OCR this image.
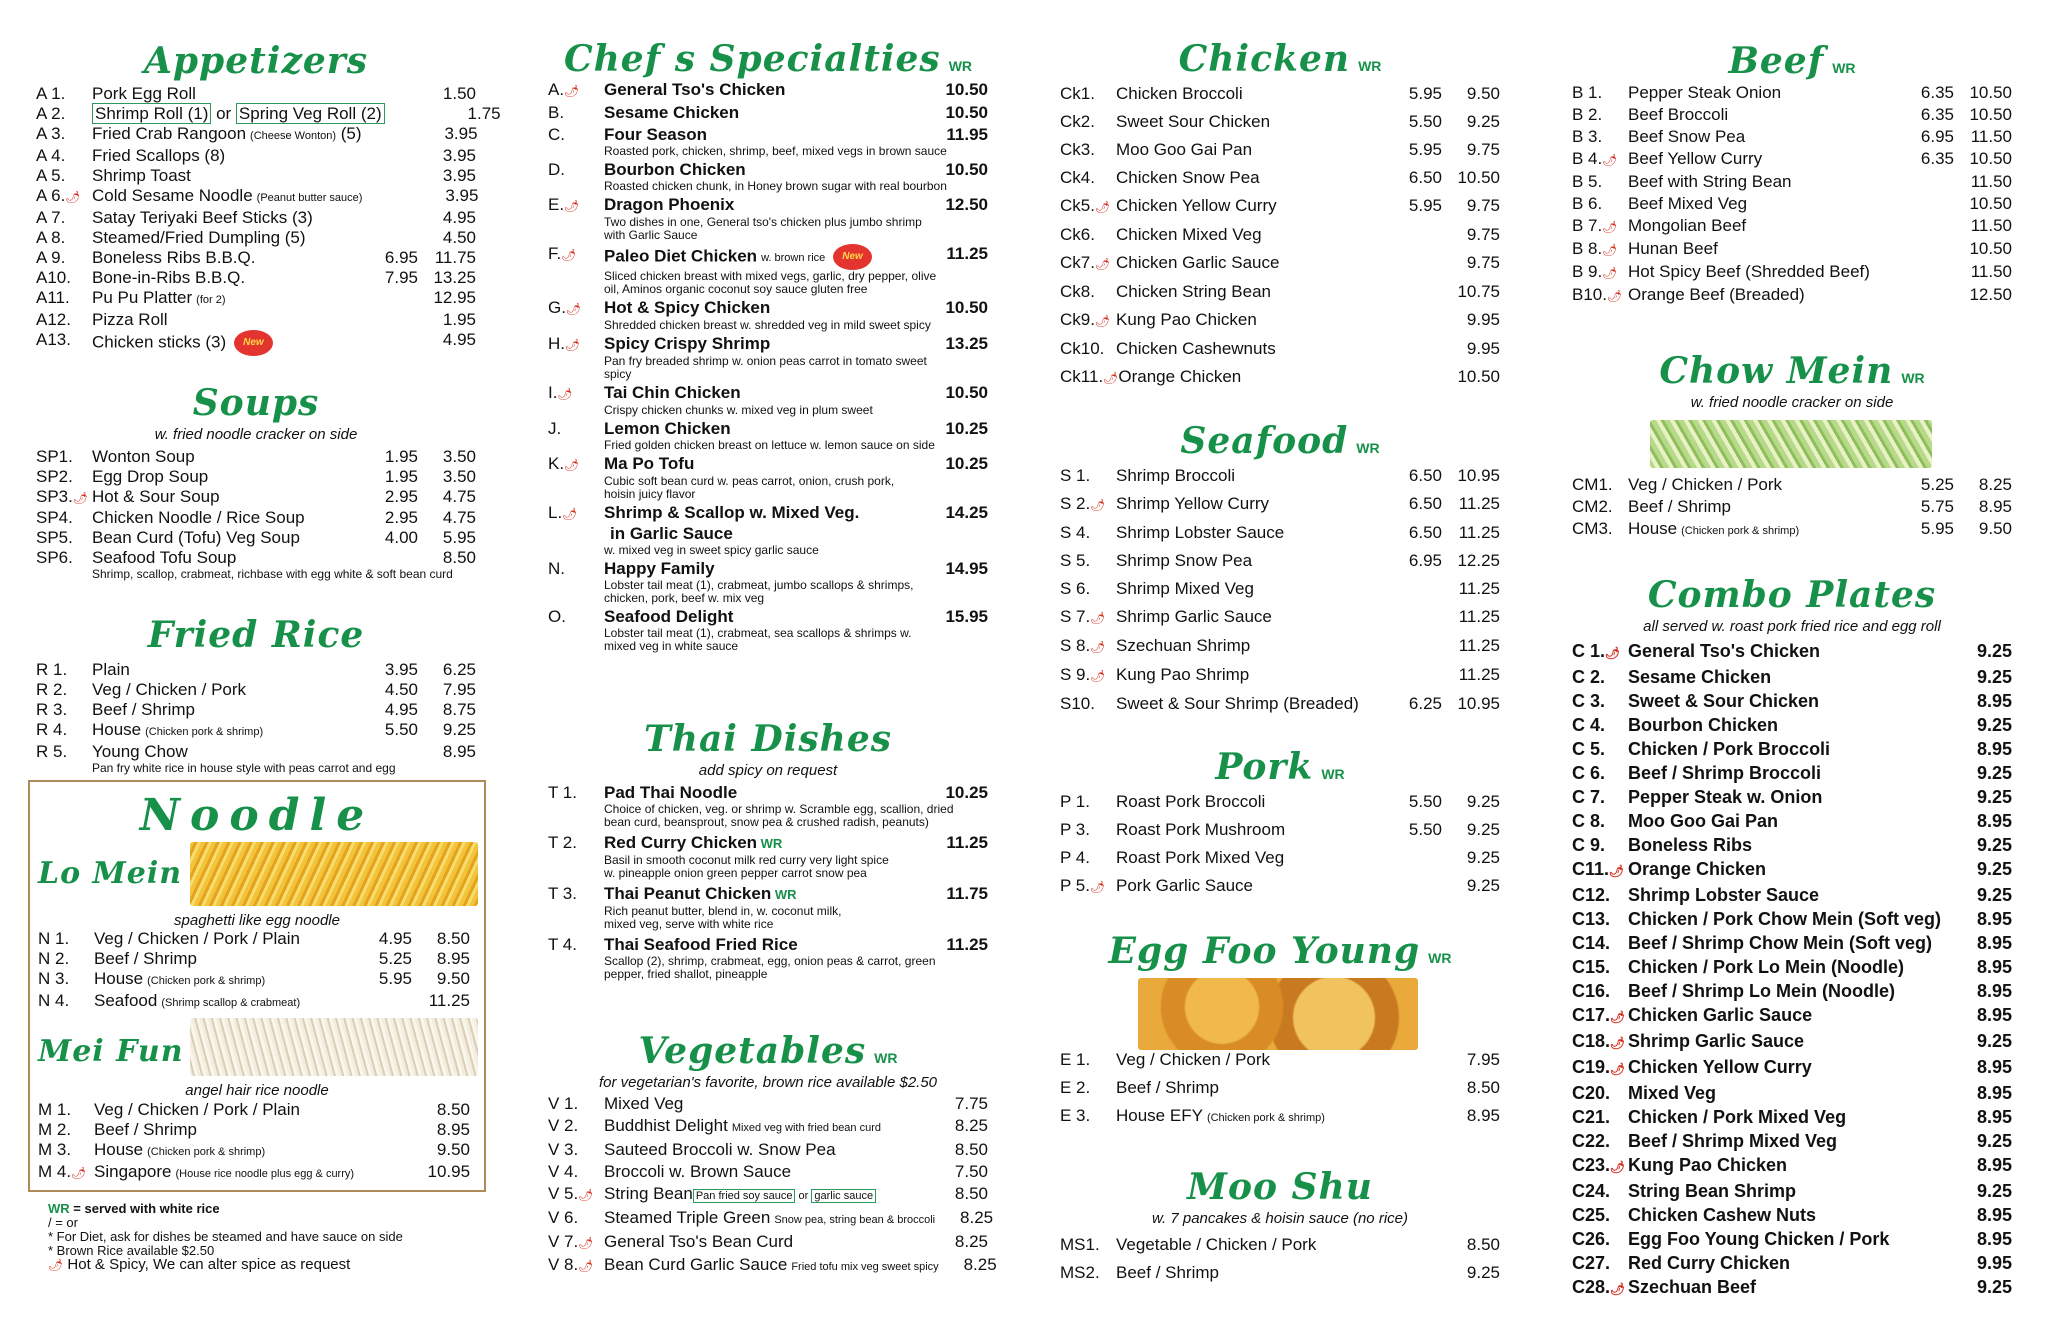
Appetizers
A 1.	Pork Egg Roll	1.50
A 2.	Shrimp Roll (1) or Spring Veg Roll (2)	1.75
A 3.	Fried Crab Rangoon (Cheese Wonton) (5)	3.95
A 4.	Fried Scallops (8)	3.95
A 5.	Shrimp Toast	3.95
A 6.🌶 Cold Sesame Noodle (Peanut butter sauce)	3.95
A 7.	Satay Teriyaki Beef Sticks (3)	4.95
A 8.	Steamed/Fried Dumpling (5)	4.50
A 9.	Boneless Ribs B.B.Q.	6.95 11.75
A10.	Bone-in-Ribs B.B.Q.	7.95 13.25
A11.	Pu Pu Platter (for 2)	12.95
A12.	Pizza Roll	1.95
A13.	Chicken sticks (3) New	4.95
Soups
w. fried noodle cracker on side
SP1.	Wonton Soup	1.95	3.50
SP2.	Egg Drop Soup	1.95	3.50
SP3.🌶 Hot & Sour Soup	2.95	4.75
SP4.	Chicken Noodle / Rice Soup	2.95	4.75
SP5.	Bean Curd (Tofu) Veg Soup	4.00	5.95
SP6.	Seafood Tofu Soup	8.50
Shrimp, scallop, crabmeat, richbase with egg white & soft bean curd
Fried Rice
R 1.	Plain	3.95	6.25
R 2.	Veg / Chicken / Pork	4.50	7.95
R 3.	Beef / Shrimp	4.95	8.75
R 4.	House (Chicken pork & shrimp)	5.50	9.25
R 5.	Young Chow	8.95
Pan fry white rice in house style with peas carrot and egg
Noodle
Lo Mein
spaghetti like egg noodle
N 1.	Veg / Chicken / Pork / Plain	4.95	8.50
N 2.	Beef / Shrimp	5.25	8.95
N 3.	House (Chicken pork & shrimp)	5.95	9.50
N 4.	Seafood (Shrimp scallop & crabmeat)	11.25
Mei Fun
angel hair rice noodle
M 1.	Veg / Chicken / Pork / Plain	8.50
M 2.	Beef / Shrimp	8.95
M 3.	House (Chicken pork & shrimp)	9.50
M 4.🌶 Singapore (House rice noodle plus egg & curry)	10.95
WR = served with white rice
/ = or
* For Diet, ask for dishes be steamed and have sauce on side
* Brown Rice available $2.50
🌶 Hot & Spicy, We can alter spice as request
Chef s Specialties WR
A.🌶	General Tso's Chicken	10.50
B.	Sesame Chicken	10.50
C.	Four Season	11.95
Roasted pork, chicken, shrimp, beef, mixed vegs in brown sauce
D.	Bourbon Chicken	10.50
Roasted chicken chunk, in Honey brown sugar with real bourbon
E.🌶	Dragon Phoenix	12.50
Two dishes in one, General tso's chicken plus jumbo shrimp
with Garlic Sauce
F.🌶	Paleo Diet Chicken w. brown rice New	11.25
Sliced chicken breast with mixed vegs, garlic, dry pepper, olive
oil, Aminos organic coconut soy sauce gluten free
G.🌶	Hot & Spicy Chicken	10.50
Shredded chicken breast w. shredded veg in mild sweet spicy
H.🌶	Spicy Crispy Shrimp	13.25
Pan fry breaded shrimp w. onion peas carrot in tomato sweet
spicy
I.🌶	Tai Chin Chicken	10.50
Crispy chicken chunks w. mixed veg in plum sweet
J.	Lemon Chicken	10.25
Fried golden chicken breast on lettuce w. lemon sauce on side
K.🌶	Ma Po Tofu	10.25
Cubic soft bean curd w. peas carrot, onion, crush pork,
hoisin juicy flavor
L.🌶	Shrimp & Scallop w. Mixed Veg.	14.25
in Garlic Sauce
w. mixed veg in sweet spicy garlic sauce
N.	Happy Family	14.95
Lobster tail meat (1), crabmeat, jumbo scallops & shrimps,
chicken, pork, beef w. mix veg
O.	Seafood Delight	15.95
Lobster tail meat (1), crabmeat, sea scallops & shrimps w.
mixed veg in white sauce
Thai Dishes
add spicy on request
T 1.	Pad Thai Noodle	10.25
Choice of chicken, veg. or shrimp w. Scramble egg, scallion, dried
bean curd, beansprout, snow pea & crushed radish, peanuts)
T 2.	Red Curry Chicken WR	11.25
Basil in smooth coconut milk red curry very light spice
w. pineapple onion green pepper carrot snow pea
T 3.	Thai Peanut Chicken WR	11.75
Rich peanut butter, blend in, w. coconut milk,
mixed veg, serve with white rice
T 4.	Thai Seafood Fried Rice	11.25
Scallop (2), shrimp, crabmeat, egg, onion peas & carrot, green
pepper, fried shallot, pineapple
Vegetables WR
for vegetarian's favorite, brown rice available $2.50
V 1.	Mixed Veg	7.75
V 2.	Buddhist Delight Mixed veg with fried bean curd	8.25
V 3.	Sauteed Broccoli w. Snow Pea	8.50
V 4.	Broccoli w. Brown Sauce	7.50
V 5.🌶 String Bean Pan fried soy sauce or garlic sauce	8.50
V 6.	Steamed Triple Green Snow pea, string bean & broccoli	8.25
V 7.🌶 General Tso's Bean Curd	8.25
V 8.🌶 Bean Curd Garlic Sauce Fried tofu mix veg sweet spicy	8.25
Chicken WR
Ck1.	Chicken Broccoli	5.95	9.50
Ck2.	Sweet Sour Chicken	5.50	9.25
Ck3.	Moo Goo Gai Pan	5.95	9.75
Ck4.	Chicken Snow Pea	6.50 10.50
Ck5.🌶 Chicken Yellow Curry	5.95	9.75
Ck6.	Chicken Mixed Veg	9.75
Ck7.🌶 Chicken Garlic Sauce	9.75
Ck8.	Chicken String Bean	10.75
Ck9.🌶 Kung Pao Chicken	9.95
Ck10. Chicken Cashewnuts	9.95
Ck11.🌶 Orange Chicken	10.50
Seafood WR
S 1.	Shrimp Broccoli	6.50 10.95
S 2.🌶 Shrimp Yellow Curry	6.50 11.25
S 4.	Shrimp Lobster Sauce	6.50 11.25
S 5.	Shrimp Snow Pea	6.95 12.25
S 6.	Shrimp Mixed Veg	11.25
S 7.🌶 Shrimp Garlic Sauce	11.25
S 8.🌶 Szechuan Shrimp	11.25
S 9.🌶 Kung Pao Shrimp	11.25
S10.	Sweet & Sour Shrimp (Breaded)	6.25 10.95
Pork WR
P 1.	Roast Pork Broccoli	5.50	9.25
P 3.	Roast Pork Mushroom	5.50	9.25
P 4.	Roast Pork Mixed Veg	9.25
P 5.🌶 Pork Garlic Sauce	9.25
Egg Foo Young WR
E 1.	Veg / Chicken / Pork	7.95
E 2.	Beef / Shrimp	8.50
E 3.	House EFY (Chicken pork & shrimp)	8.95
Moo Shu
w. 7 pancakes & hoisin sauce (no rice)
MS1. Vegetable / Chicken / Pork	8.50
MS2. Beef / Shrimp	9.25
Beef WR
B 1.	Pepper Steak Onion	6.35 10.50
B 2.	Beef Broccoli	6.35 10.50
B 3.	Beef Snow Pea	6.95 11.50
B 4.🌶 Beef Yellow Curry	6.35 10.50
B 5.	Beef with String Bean	11.50
B 6.	Beef Mixed Veg	10.50
B 7.🌶 Mongolian Beef	11.50
B 8.🌶 Hunan Beef	10.50
B 9.🌶 Hot Spicy Beef (Shredded Beef)	11.50
B10.🌶 Orange Beef (Breaded)	12.50
Chow Mein WR
w. fried noodle cracker on side
CM1. Veg / Chicken / Pork	5.25	8.25
CM2. Beef / Shrimp	5.75	8.95
CM3. House (Chicken pork & shrimp)	5.95	9.50
Combo Plates
all served w. roast pork fried rice and egg roll
C 1.🌶 General Tso's Chicken	9.25
C 2.	Sesame Chicken	9.25
C 3.	Sweet & Sour Chicken	8.95
C 4.	Bourbon Chicken	9.25
C 5.	Chicken / Pork Broccoli	8.95
C 6.	Beef / Shrimp Broccoli	9.25
C 7.	Pepper Steak w. Onion	9.25
C 8.	Moo Goo Gai Pan	8.95
C 9.	Boneless Ribs	9.25
C11.🌶 Orange Chicken	9.25
C12. Shrimp Lobster Sauce	9.25
C13. Chicken / Pork Chow Mein (Soft veg)	8.95
C14. Beef / Shrimp Chow Mein (Soft veg)	8.95
C15. Chicken / Pork Lo Mein (Noodle)	8.95
C16. Beef / Shrimp Lo Mein (Noodle)	8.95
C17.🌶 Chicken Garlic Sauce	8.95
C18.🌶 Shrimp Garlic Sauce	9.25
C19.🌶 Chicken Yellow Curry	8.95
C20. Mixed Veg	8.95
C21. Chicken / Pork Mixed Veg	8.95
C22. Beef / Shrimp Mixed Veg	9.25
C23.🌶 Kung Pao Chicken	8.95
C24. String Bean Shrimp	9.25
C25. Chicken Cashew Nuts	8.95
C26. Egg Foo Young Chicken / Pork	8.95
C27. Red Curry Chicken	9.95
C28.🌶 Szechuan Beef	9.25
